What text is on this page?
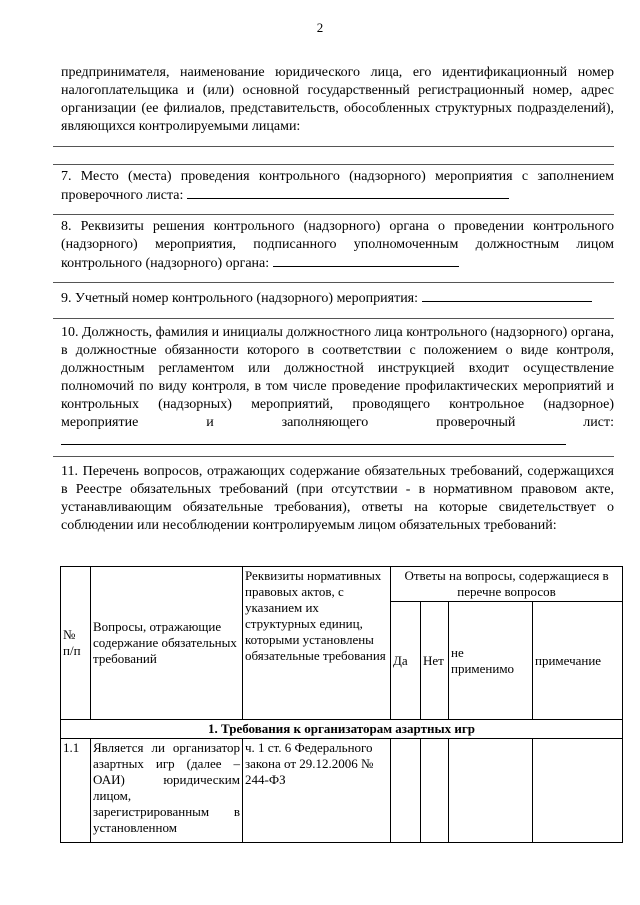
2
предпринимателя, наименование юридического лица, его идентификационный номер налогоплательщика и (или) основной государственный регистрационный номер, адрес организации (ее филиалов, представительств, обособленных структурных подразделений), являющихся контролируемыми лицами:
7. Место (места) проведения контрольного (надзорного) мероприятия с заполнением проверочного листа:
8. Реквизиты решения контрольного (надзорного) органа о проведении контрольного (надзорного) мероприятия, подписанного уполномоченным должностным лицом контрольного (надзорного) органа:
9. Учетный номер контрольного (надзорного) мероприятия:
10. Должность, фамилия и инициалы должностного лица контрольного (надзорного) органа, в должностные обязанности которого в соответствии с положением о виде контроля, должностным регламентом или должностной инструкцией входит осуществление полномочий по виду контроля, в том числе проведение профилактических мероприятий и контрольных (надзорных) мероприятий, проводящего контрольное (надзорное) мероприятие и заполняющего проверочный лист:
11. Перечень вопросов, отражающих содержание обязательных требований, содержащихся в Реестре обязательных требований (при отсутствии - в нормативном правовом акте, устанавливающим обязательные требования), ответы на которые свидетельствует о соблюдении или несоблюдении контролируемым лицом обязательных требований:
№ п/п	Вопросы, отражающие содержание обязательных требований	Реквизиты нормативных правовых актов, с указанием их структурных единиц, которыми установлены обязательные требования	Ответы на вопросы, содержащиеся в перечне вопросов			
			Да	Нет	не применимо	примечание
1. Требования к организаторам азартных игр						
1.1	Является ли организатор азартных игр (далее – ОАИ) юридическим лицом, зарегистрированным в установленном	ч. 1 ст. 6 Федерального закона от 29.12.2006 № 244-ФЗ				
